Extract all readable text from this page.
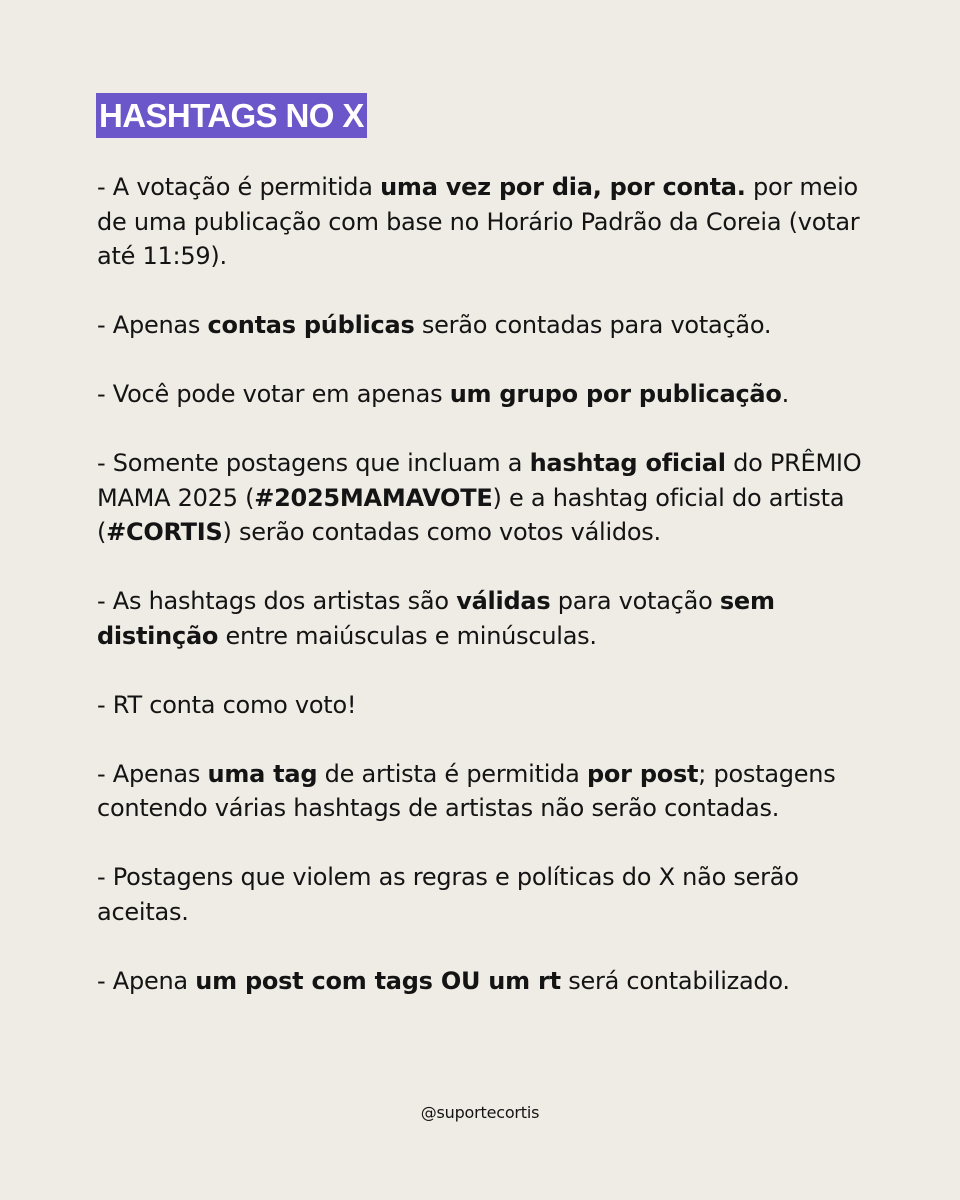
HASHTAGS NO X

- A votação é permitida uma vez por dia, por conta. por meio de uma publicação com base no Horário Padrão da Coreia (votar até 11:59).

- Apenas contas públicas serão contadas para votação.

- Você pode votar em apenas um grupo por publicação.

- Somente postagens que incluam a hashtag oficial do PRÊMIO MAMA 2025 (#2025MAMAVOTE) e a hashtag oficial do artista (#CORTIS) serão contadas como votos válidos.

- As hashtags dos artistas são válidas para votação sem distinção entre maiúsculas e minúsculas.

- RT conta como voto!

- Apenas uma tag de artista é permitida por post; postagens contendo várias hashtags de artistas não serão contadas.

- Postagens que violem as regras e políticas do X não serão aceitas.

- Apena um post com tags OU um rt será contabilizado.

@suportecortis
